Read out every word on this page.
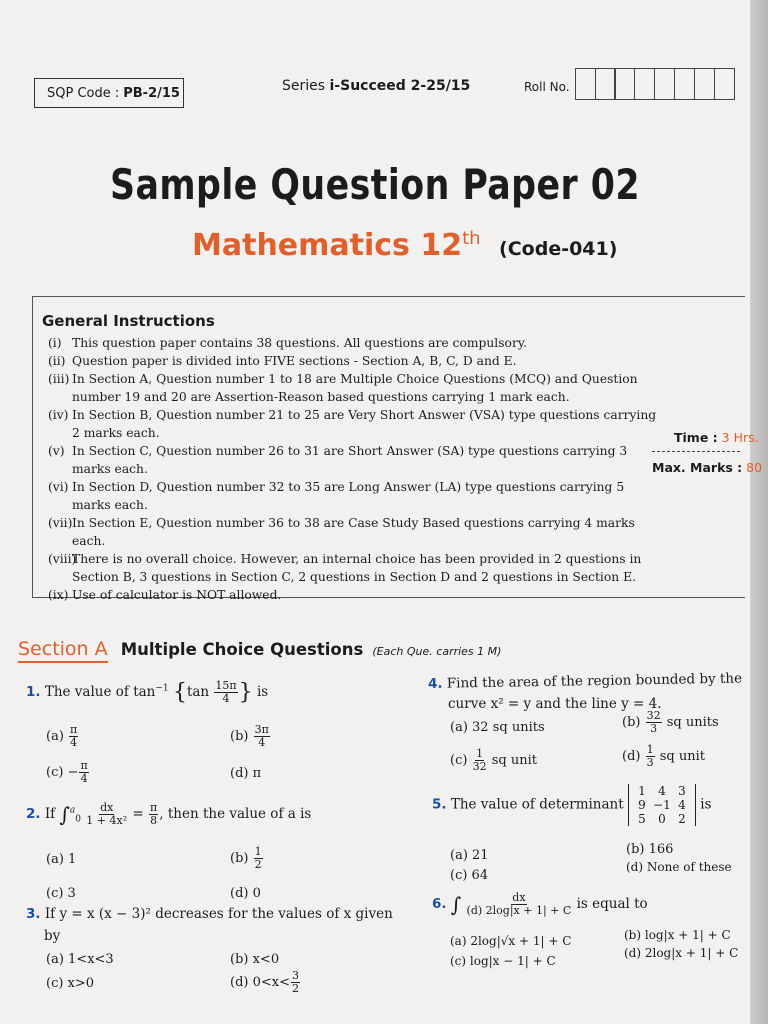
SQP Code : PB-2/15	Series i-Succeed 2-25/15	Roll No.
Sample Question Paper 02
Mathematics 12th (Code-041)
General Instructions
(i) This question paper contains 38 questions. All questions are compulsory.
(ii) Question paper is divided into FIVE sections - Section A, B, C, D and E.
(iii) In Section A, Question number 1 to 18 are Multiple Choice Questions (MCQ) and Question number 19 and 20 are Assertion-Reason based questions carrying 1 mark each.
(iv) In Section B, Question number 21 to 25 are Very Short Answer (VSA) type questions carrying 2 marks each.
(v) In Section C, Question number 26 to 31 are Short Answer (SA) type questions carrying 3 marks each.
(vi) In Section D, Question number 32 to 35 are Long Answer (LA) type questions carrying 5 marks each.
(vii) In Section E, Question number 36 to 38 are Case Study Based questions carrying 4 marks each.
(viii)
There is no overall choice. However, an internal choice has been provided in 2 questions in Section B, 3 questions in Section C, 2 questions in Section D and 2 questions in Section E.
(ix) Use of calculator is NOT allowed.
Time : 3 Hrs.
Max. Marks : 80
Section A Multiple Choice Questions (Each Que. carries 1 M)
1. The value of $\tan^{-1} \{\tan \frac{15\pi}{4}$ } is
$(a) \frac{\pi}{4}$	$(b) \frac{3\pi}{4}$
$(c) - \frac{\pi}{4}$	(d) π
2. If $\int^a_0 \frac{dx}{\text{1 + 4x²}} = \frac{\pi}{8}$ , then the value of a is
(a) 1	$(b) \frac{1}{2}$
(c) 3	(d) 0
3. If y = x (x − 3)² decreases for the values of x given
by
(a) 1<x<3	(b) x<0
(c) x>0	(d) $0<x< \frac{3}{2}$
4. Find the area of the region bounded by the
curve x² = y and the line y = 4.
(a) 32 sq units	$(b) \frac{32}{3}$ sq units
$(c) \frac{1}{32}$ sq unit	$(d) \frac{1}{3}$ sq unit
5. The value of determinant
1	4	3
9 −1 4
5	0	2
is
(a) 21	(b) 166
(c) 64
(d) None of these
6. ∫ $\frac{dx}{(d) 2\log|x + 1| + C}$ is equal to
(a) 2log|√x + 1| + C	(b) log|x + 1| + C
(c) log|x − 1| + C
(d) 2log|x + 1| + C
